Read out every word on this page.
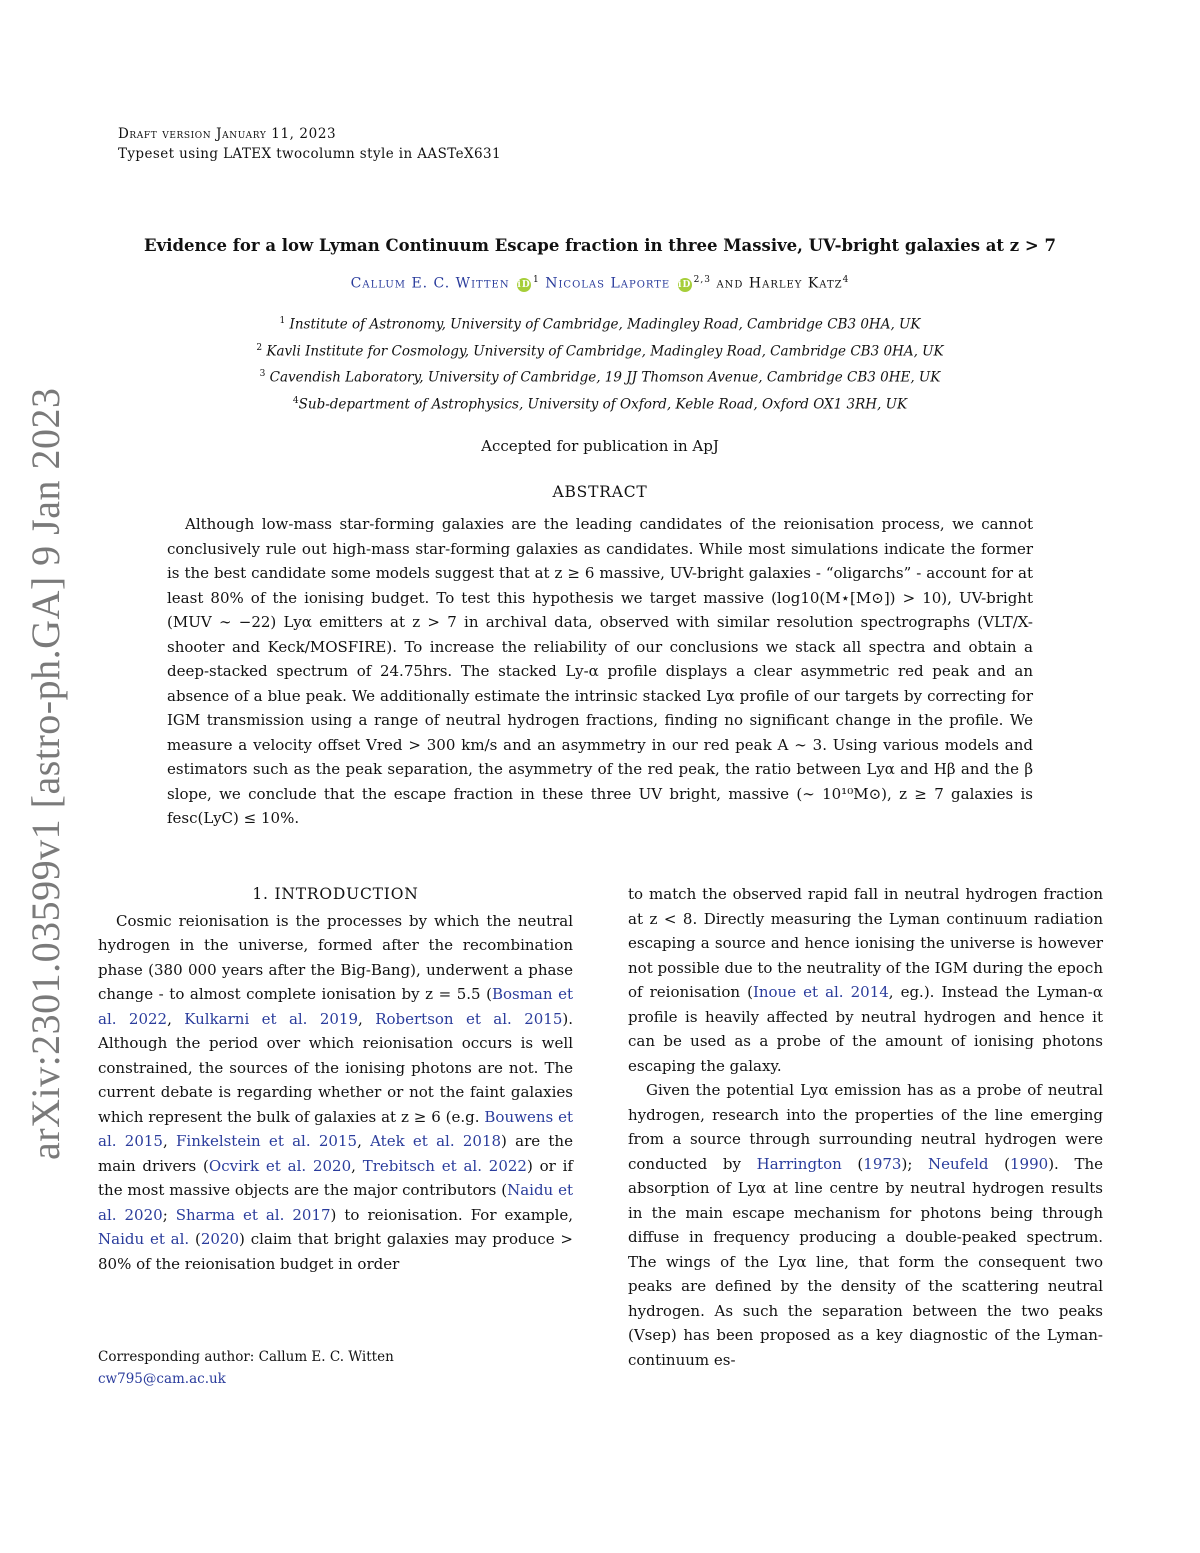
arXiv:2301.03599v1 [astro-ph.GA] 9 Jan 2023
Draft version January 11, 2023
Typeset using LATEX twocolumn style in AASTeX631
Evidence for a low Lyman Continuum Escape fraction in three Massive, UV-bright galaxies at z > 7
Callum E. C. Witten iD $^1$ Nicolas Laporte iD $^{2,3}$ and Harley Katz$^4$
$^1$ Institute of Astronomy, University of Cambridge, Madingley Road, Cambridge CB3 0HA, UK
$^2$ Kavli Institute for Cosmology, University of Cambridge, Madingley Road, Cambridge CB3 0HA, UK
$^3$ Cavendish Laboratory, University of Cambridge, 19 JJ Thomson Avenue, Cambridge CB3 0HE, UK
$^4$Sub-department of Astrophysics, University of Oxford, Keble Road, Oxford OX1 3RH, UK
Accepted for publication in ApJ
ABSTRACT

Although low-mass star-forming galaxies are the leading candidates of the reionisation process, we cannot conclusively rule out high-mass star-forming galaxies as candidates. While most simulations indicate the former is the best candidate some models suggest that at z ≥ 6 massive, UV-bright galaxies - “oligarchs” - account for at least 80% of the ionising budget. To test this hypothesis we target massive (log10(M⋆[M⊙]) > 10), UV-bright (MUV ∼ −22) Lyα emitters at z > 7 in archival data, observed with similar resolution spectrographs (VLT/X-shooter and Keck/MOSFIRE). To increase the reliability of our conclusions we stack all spectra and obtain a deep-stacked spectrum of 24.75hrs. The stacked Ly-α profile displays a clear asymmetric red peak and an absence of a blue peak. We additionally estimate the intrinsic stacked Lyα profile of our targets by correcting for IGM transmission using a range of neutral hydrogen fractions, finding no significant change in the profile. We measure a velocity offset Vred > 300 km/s and an asymmetry in our red peak A ∼ 3. Using various models and estimators such as the peak separation, the asymmetry of the red peak, the ratio between Lyα and Hβ and the β slope, we conclude that the escape fraction in these three UV bright, massive (∼ 10¹⁰M⊙), z ≥ 7 galaxies is fesc(LyC) ≤ 10%.

1. INTRODUCTION

Cosmic reionisation is the processes by which the neutral hydrogen in the universe, formed after the recombination phase (380 000 years after the Big-Bang), underwent a phase change - to almost complete ionisation by z = 5.5 (Bosman et al. 2022, Kulkarni et al. 2019, Robertson et al. 2015). Although the period over which reionisation occurs is well constrained, the sources of the ionising photons are not. The current debate is regarding whether or not the faint galaxies which represent the bulk of galaxies at z ≥ 6 (e.g. Bouwens et al. 2015, Finkelstein et al. 2015, Atek et al. 2018) are the main drivers (Ocvirk et al. 2020, Trebitsch et al. 2022) or if the most massive objects are the major contributors (Naidu et al. 2020; Sharma et al. 2017) to reionisation. For example, Naidu et al. (2020) claim that bright galaxies may produce > 80% of the reionisation budget in order

Corresponding author: Callum E. C. Witten
cw795@cam.ac.uk

to match the observed rapid fall in neutral hydrogen fraction at z < 8. Directly measuring the Lyman continuum radiation escaping a source and hence ionising the universe is however not possible due to the neutrality of the IGM during the epoch of reionisation (Inoue et al. 2014, eg.). Instead the Lyman-α profile is heavily affected by neutral hydrogen and hence it can be used as a probe of the amount of ionising photons escaping the galaxy.

Given the potential Lyα emission has as a probe of neutral hydrogen, research into the properties of the line emerging from a source through surrounding neutral hydrogen were conducted by Harrington (1973); Neufeld (1990). The absorption of Lyα at line centre by neutral hydrogen results in the main escape mechanism for photons being through diffuse in frequency producing a double-peaked spectrum. The wings of the Lyα line, that form the consequent two peaks are defined by the density of the scattering neutral hydrogen. As such the separation between the two peaks (Vsep) has been proposed as a key diagnostic of the Lyman-continuum es-
